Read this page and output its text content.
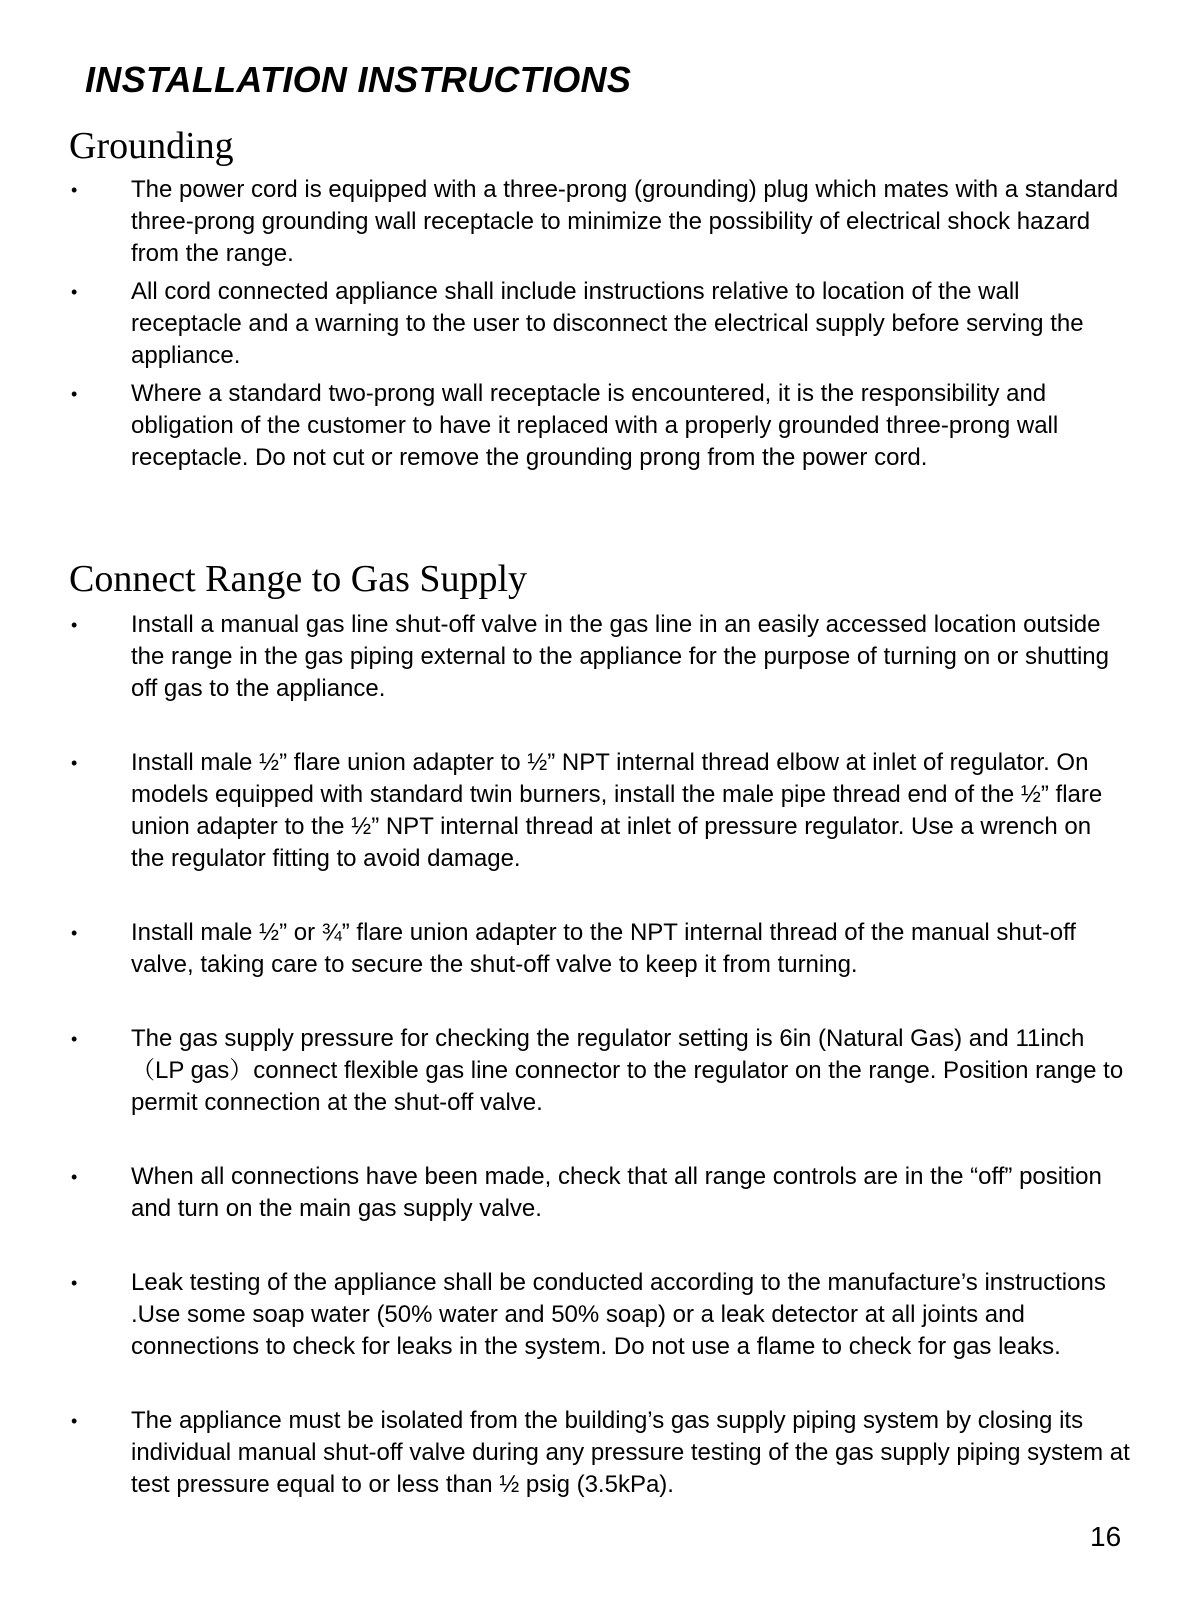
INSTALLATION INSTRUCTIONS
Grounding
• The power cord is equipped with a three-prong (grounding) plug which mates with a standard three-prong grounding wall receptacle to minimize the possibility of electrical shock hazard from the range.
• All cord connected appliance shall include instructions relative to location of the wall receptacle and a warning to the user to disconnect the electrical supply before serving the appliance.
• Where a standard two-prong wall receptacle is encountered, it is the responsibility and obligation of the customer to have it replaced with a properly grounded three-prong wall receptacle. Do not cut or remove the grounding prong from the power cord.
Connect Range to Gas Supply
• Install a manual gas line shut-off valve in the gas line in an easily accessed location outside the range in the gas piping external to the appliance for the purpose of turning on or shutting off gas to the appliance.
• Install male ½” flare union adapter to ½” NPT internal thread elbow at inlet of regulator. On models equipped with standard twin burners, install the male pipe thread end of the ½” flare union adapter to the ½” NPT internal thread at inlet of pressure regulator. Use a wrench on the regulator fitting to avoid damage.
• Install male ½” or ¾” flare union adapter to the NPT internal thread of the manual shut-off valve, taking care to secure the shut-off valve to keep it from turning.
• The gas supply pressure for checking the regulator setting is 6in (Natural Gas) and 11inch（LP gas）connect flexible gas line connector to the regulator on the range. Position range to permit connection at the shut-off valve.
• When all connections have been made, check that all range controls are in the “off” position and turn on the main gas supply valve.
• Leak testing of the appliance shall be conducted according to the manufacture’s instructions .Use some soap water (50% water and 50% soap) or a leak detector at all joints and connections to check for leaks in the system. Do not use a flame to check for gas leaks.
• The appliance must be isolated from the building’s gas supply piping system by closing its individual manual shut-off valve during any pressure testing of the gas supply piping system at test pressure equal to or less than ½ psig (3.5kPa).
16
